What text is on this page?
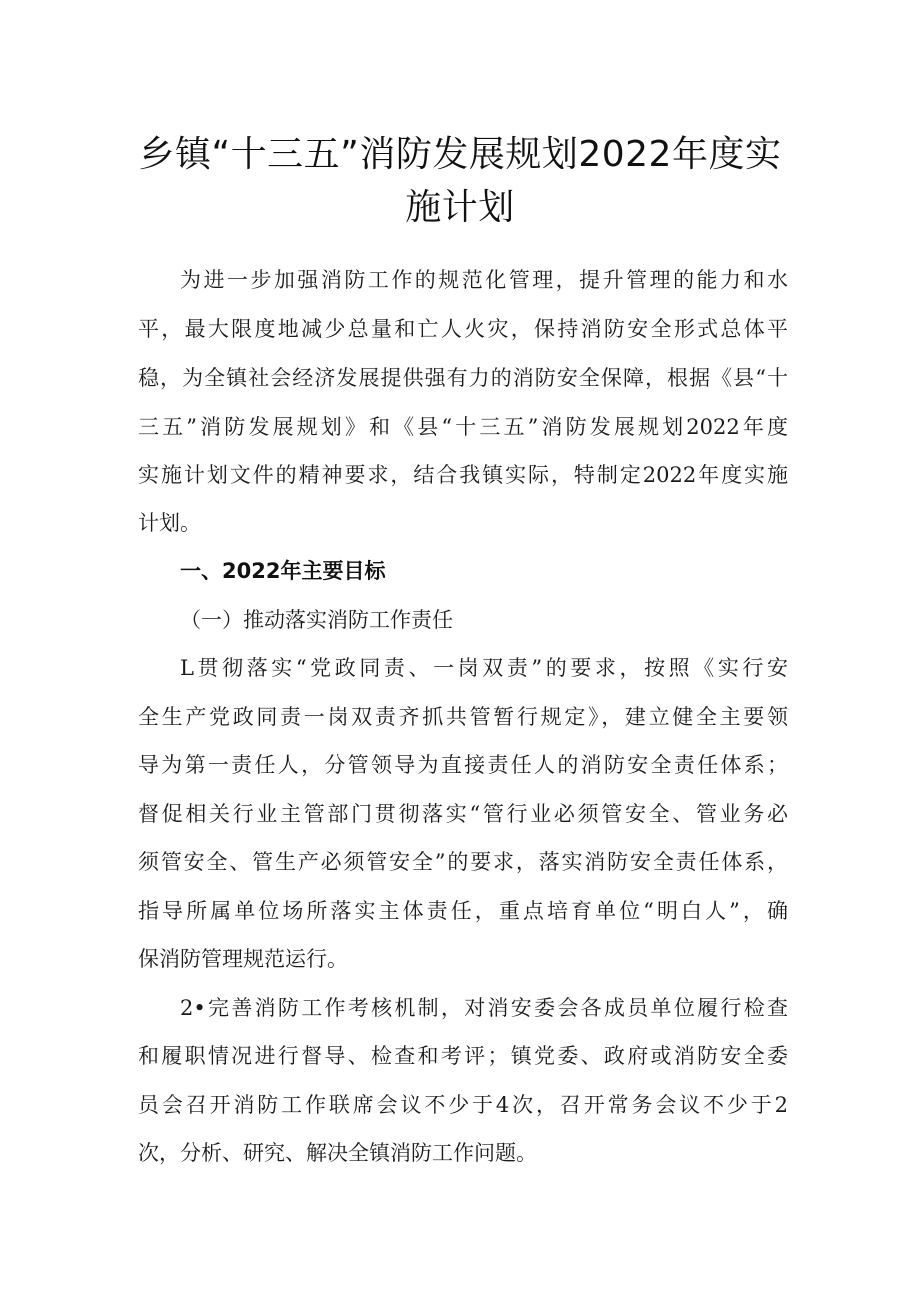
乡镇“十三五”消防发展规划2022年度实
施计划
为进一步加强消防工作的规范化管理，提升管理的能力和水
平，最大限度地减少总量和亡人火灾，保持消防安全形式总体平
稳，为全镇社会经济发展提供强有力的消防安全保障，根据《县“十
三五”消防发展规划》和《县“十三五”消防发展规划2022年度
实施计划文件的精神要求，结合我镇实际，特制定2022年度实施
计划。
一、2022年主要目标
（一）推动落实消防工作责任
L贯彻落实“党政同责、一岗双责”的要求，按照《实行安
全生产党政同责一岗双责齐抓共管暂行规定》，建立健全主要领
导为第一责任人，分管领导为直接责任人的消防安全责任体系；
督促相关行业主管部门贯彻落实“管行业必须管安全、管业务必
须管安全、管生产必须管安全”的要求，落实消防安全责任体系，
指导所属单位场所落实主体责任，重点培育单位“明白人”，确
保消防管理规范运行。
2•完善消防工作考核机制，对消安委会各成员单位履行检查
和履职情况进行督导、检查和考评；镇党委、政府或消防安全委
员会召开消防工作联席会议不少于4次，召开常务会议不少于2
次，分析、研究、解决全镇消防工作问题。
